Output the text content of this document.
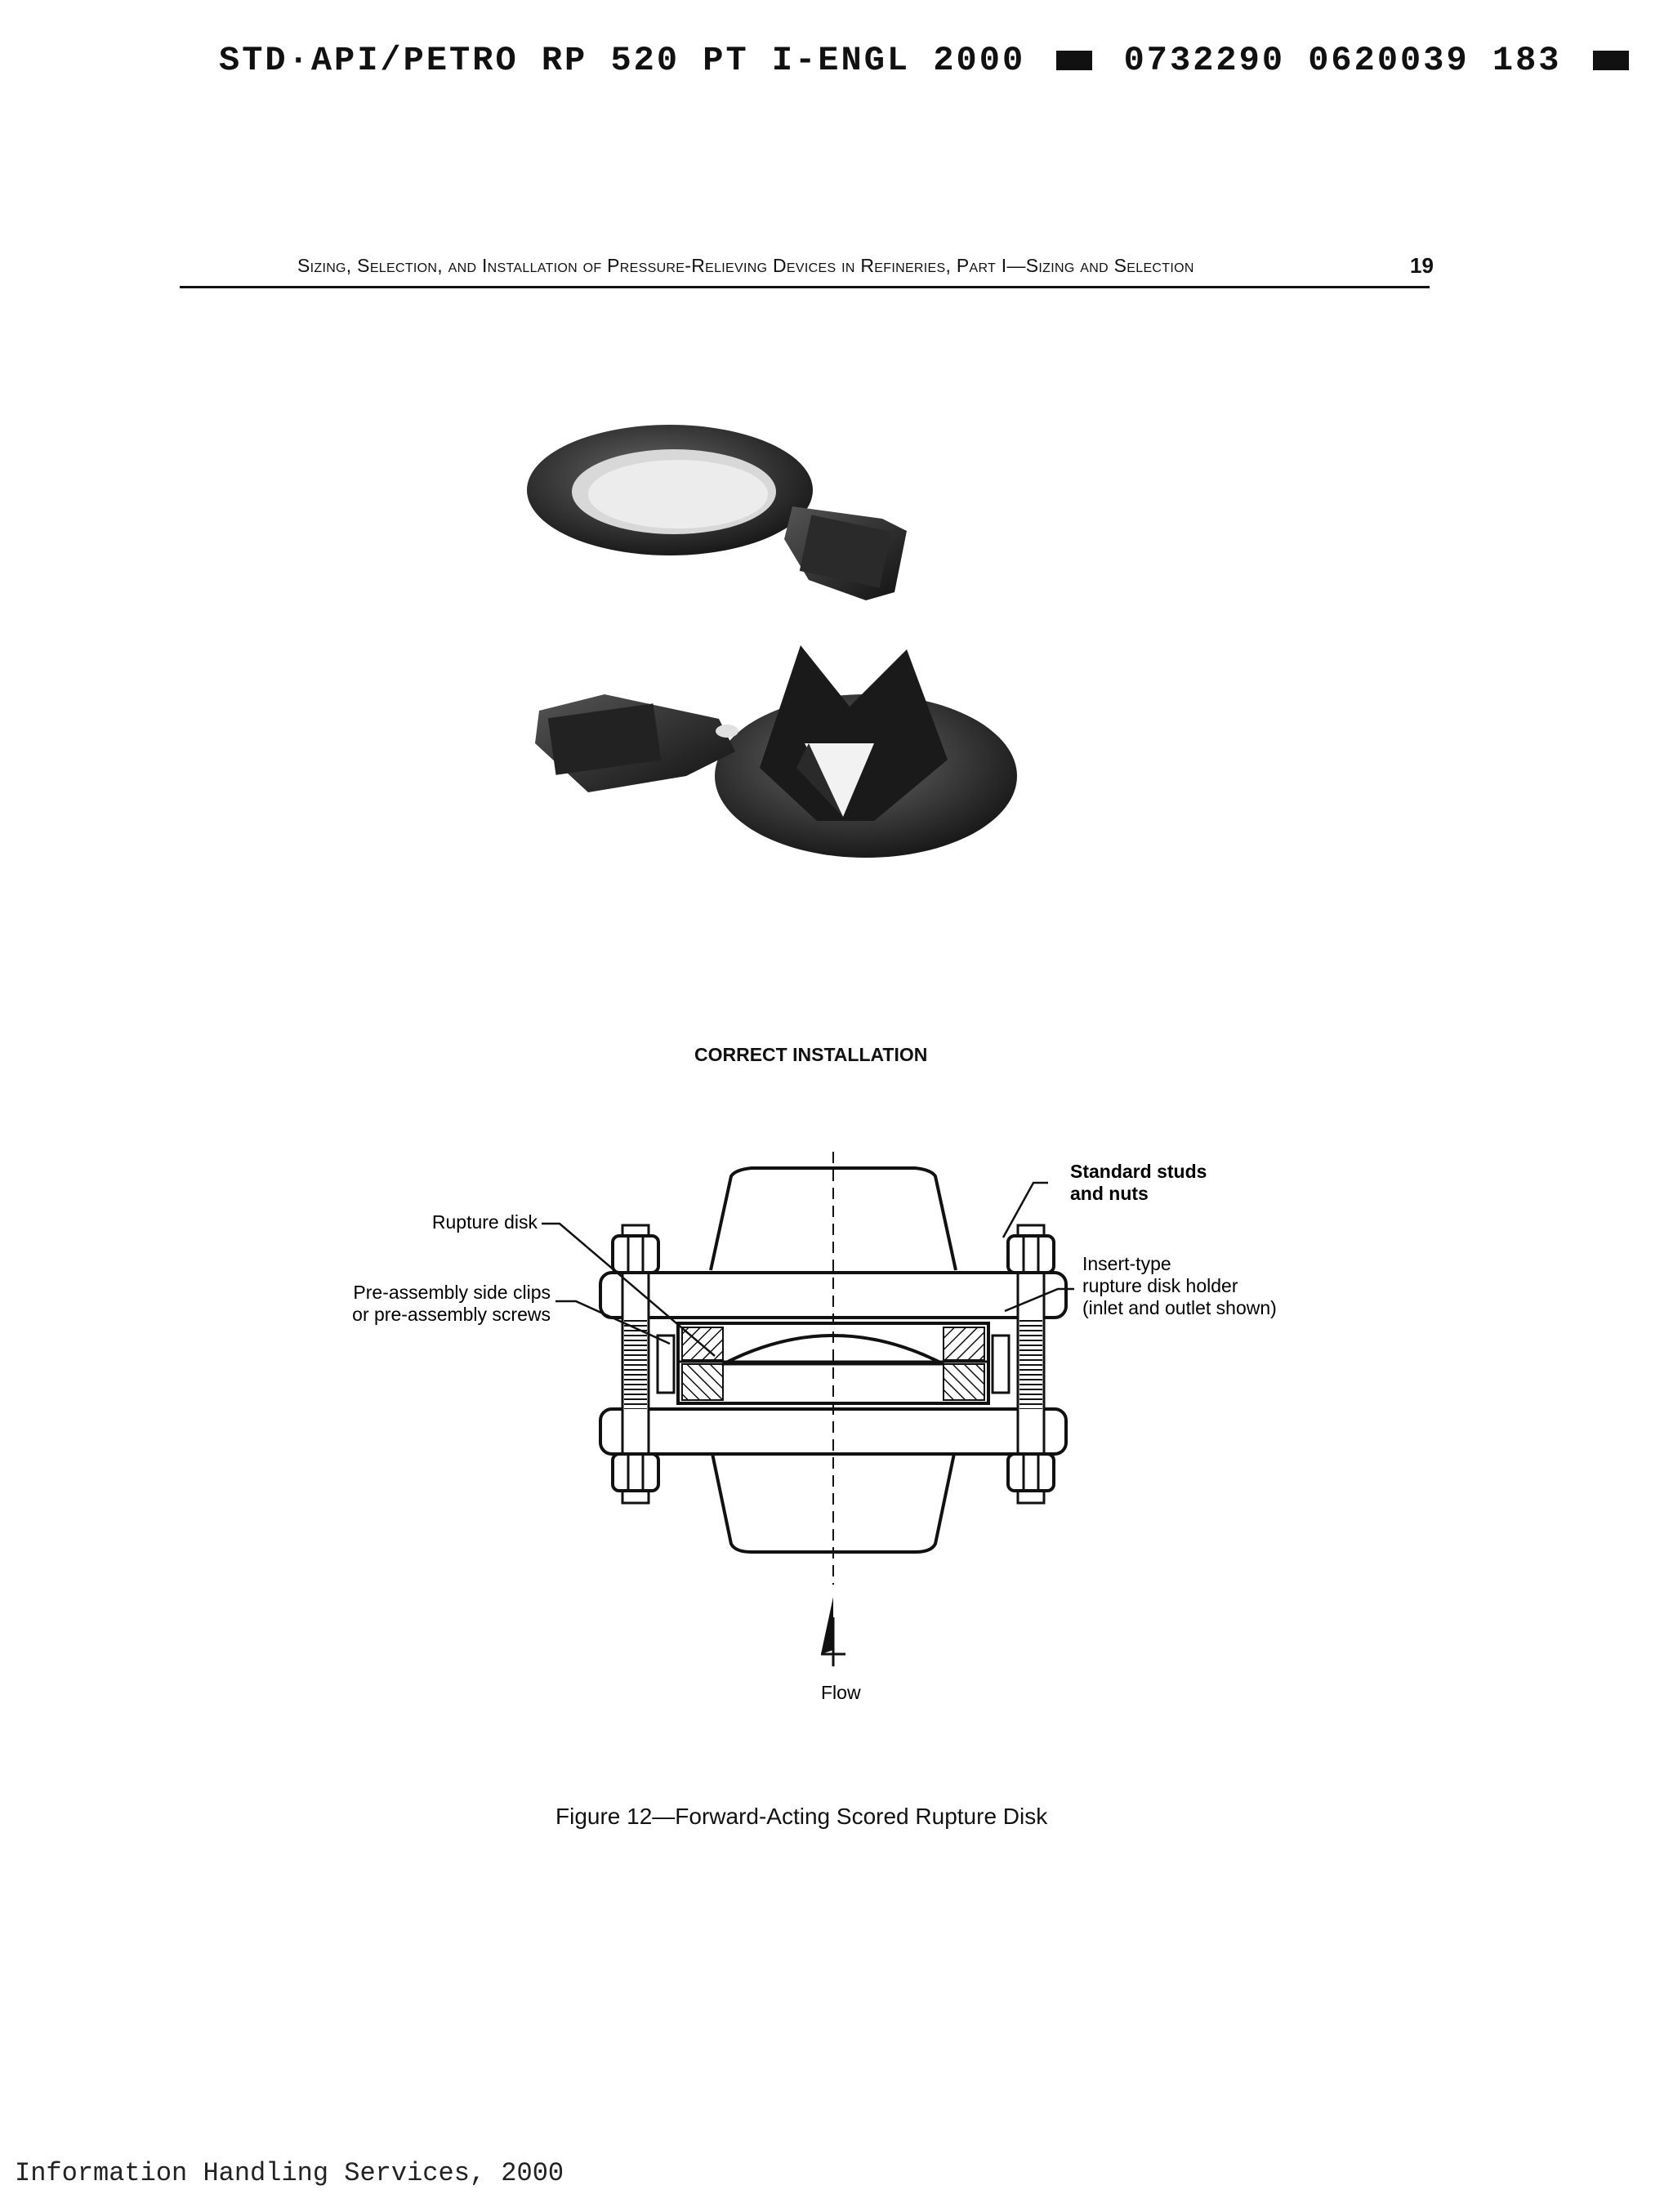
STD·API/PETRO RP 520 PT I-ENGL 2000	0732290 0620039 183
Sizing, Selection, and Installation of Pressure-Relieving Devices in Refineries, Part I—Sizing and Selection	19
CORRECT INSTALLATION
Rupture disk
Pre-assembly side clips
or pre-assembly screws
Standard studs
and nuts
Insert-type
rupture disk holder
(inlet and outlet shown)
Flow
Figure 12—Forward-Acting Scored Rupture Disk
Information Handling Services, 2000
